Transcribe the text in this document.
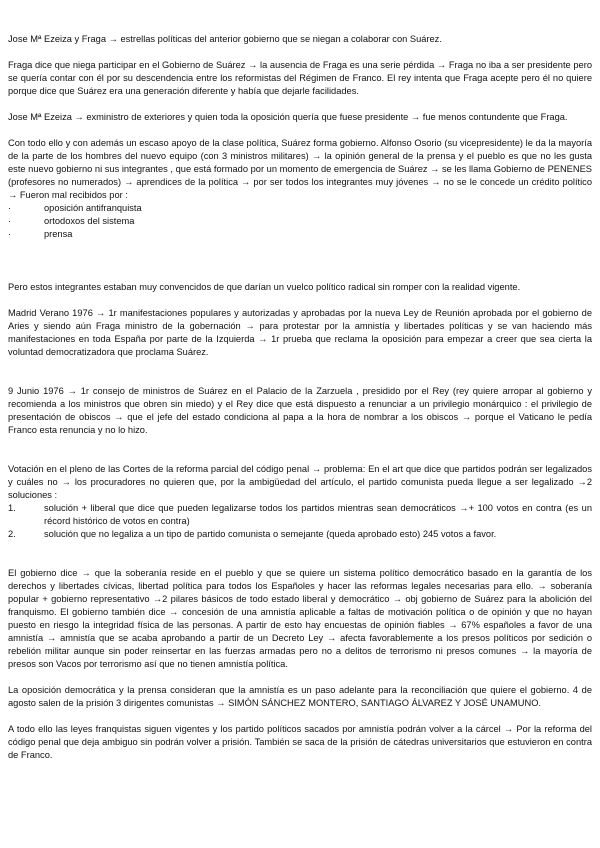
Jose Mª Ezeiza y Fraga → estrellas políticas del anterior gobierno que se niegan a colaborar con Suárez.

Fraga dice que niega participar en el Gobierno de Suárez → la ausencia de Fraga es una serie pérdida → Fraga no iba a ser presidente pero se quería contar con él por su descendencia entre los reformistas del Régimen de Franco. El rey intenta que Fraga acepte pero él no quiere porque dice que Suárez era una generación diferente y había que dejarle facilidades.

Jose Mª Ezeiza → exministro de exteriores y quien toda la oposición quería que fuese presidente → fue menos contundente que Fraga.

Con todo ello y con además un escaso apoyo de la clase política, Suárez forma gobierno. Alfonso Osorio (su vicepresidente) le da la mayoría de la parte de los hombres del nuevo equipo (con 3 ministros militares) → la opinión general de la prensa y el pueblo es que no les gusta este nuevo gobierno ni sus integrantes , que está formado por un momento de emergencia de Suárez → se les llama Gobierno de PENENES (profesores no numerados) → aprendices de la política → por ser todos los integrantes muy jóvenes → no se le concede un crédito político → Fueron mal recibidos por :

· oposición antifranquista
· ortodoxos del sistema
· prensa

Pero estos integrantes estaban muy convencidos de que darían un vuelco político radical sin romper con la realidad vigente.

Madrid Verano 1976 → 1r manifestaciones populares y autorizadas y aprobadas por la nueva Ley de Reunión aprobada por el gobierno de Aries y siendo aún Fraga ministro de la gobernación → para protestar por la amnistía y libertades políticas y se van haciendo más manifestaciones en toda España por parte de la Izquierda → 1r prueba que reclama la oposición para empezar a creer que sea cierta la voluntad democratizadora que proclama Suárez.

9 Junio 1976 → 1r consejo de ministros de Suárez en el Palacio de la Zarzuela , presidido por el Rey (rey quiere arropar al gobierno y recomienda a los ministros que obren sin miedo) y el Rey dice que está dispuesto a renunciar a un privilegio monárquico : el privilegio de presentación de obiscos → que el jefe del estado condiciona al papa a la hora de nombrar a los obiscos → porque el Vaticano le pedía Franco esta renuncia y no lo hizo.

Votación en el pleno de las Cortes de la reforma parcial del código penal → problema: En el art que dice que partidos podrán ser legalizados y cuáles no → los procuradores no quieren que, por la ambigüedad del artículo, el partido comunista pueda llegue a ser legalizado →2 soluciones :

1.	solución + liberal que dice que pueden legalizarse todos los partidos mientras sean democráticos →+ 100 votos en contra (es un récord histórico de votos en contra)
2.	solución que no legaliza a un tipo de partido comunista o semejante (queda aprobado esto) 245 votos a favor.

El gobierno dice → que la soberanía reside en el pueblo y que se quiere un sistema político democrático basado en la garantía de los derechos y libertades cívicas, libertad política para todos los Españoles y hacer las reformas legales necesarias para ello. → soberanía popular + gobierno representativo →2 pilares básicos de todo estado liberal y democrático → obj gobierno de Suárez para la abolición del franquismo. El gobierno también dice → concesión de una amnistía aplicable a faltas de motivación política o de opinión y que no hayan puesto en riesgo la integridad física de las personas. A partir de esto hay encuestas de opinión fiables → 67% españoles a favor de una amnistía → amnistía que se acaba aprobando a partir de un Decreto Ley → afecta favorablemente a los presos políticos por sedición o rebelión militar aunque sin poder reinsertar en las fuerzas armadas pero no a delitos de terrorismo ni presos comunes → la mayoría de presos son Vacos por terrorismo así que no tienen amnistía política.

La oposición democrática y la prensa consideran que la amnistía es un paso adelante para la reconciliación que quiere el gobierno. 4 de agosto salen de la prisión 3 dirigentes comunistas → SIMÓN SÁNCHEZ MONTERO, SANTIAGO ÁLVAREZ Y JOSÉ UNAMUNO.

A todo ello las leyes franquistas siguen vigentes y los partido políticos sacados por amnistía podrán volver a la cárcel → Por la reforma del código penal que deja ambiguo sin podrán volver a prisión. También se saca de la prisión de cátedras universitarios que estuvieron en contra de Franco.
